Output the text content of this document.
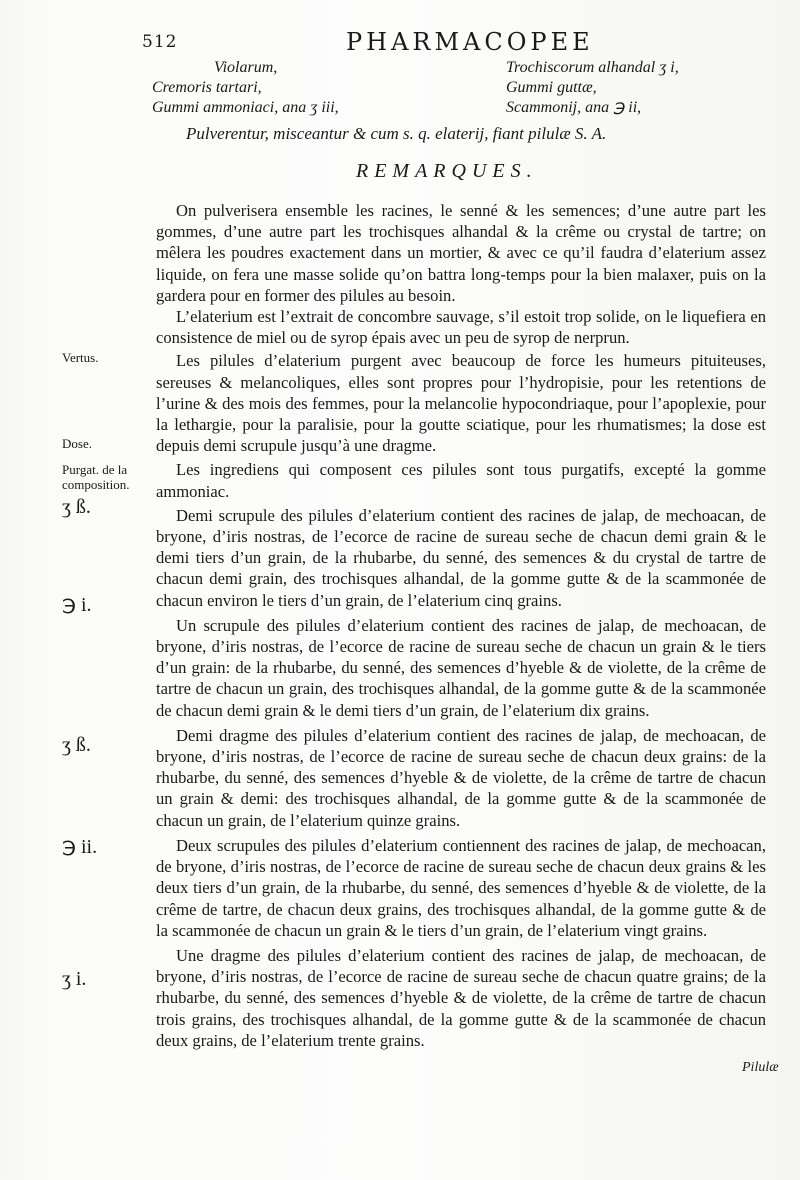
512	PHARMACOPEE
Violarum,
Cremoris tartari,
Gummi ammoniaci, ana ʒ iii,
Trochiscorum alhandal ʒ i,
Gummi guttæ,
Scammonij, ana ℈ ii,
Pulverentur, misceantur & cum s. q. elaterij, fiant pilulæ S. A.
REMARQUES.
Vertus.
Dose.
Purgat. de la composition.
ʒ ß.
℈ i.
ʒ ß.
℈ ii.
ʒ i.

On pulverisera ensemble les racines, le senné & les semences; d’une autre part les gommes, d’une autre part les trochisques alhandal & la crême ou crystal de tartre; on mêlera les poudres exactement dans un mortier, & avec ce qu’il faudra d’elaterium assez liquide, on fera une masse solide qu’on battra long-temps pour la bien malaxer, puis on la gardera pour en former des pilules au besoin.

L’elaterium est l’extrait de concombre sauvage, s’il estoit trop solide, on le liquefiera en consistence de miel ou de syrop épais avec un peu de syrop de nerprun.

Les pilules d’elaterium purgent avec beaucoup de force les humeurs pituiteuses, sereuses & melancoliques, elles sont propres pour l’hydropisie, pour les retentions de l’urine & des mois des femmes, pour la melancolie hypocondriaque, pour l’apoplexie, pour la lethargie, pour la paralisie, pour la goutte sciatique, pour les rhumatismes; la dose est depuis demi scrupule jusqu’à une dragme.

Les ingrediens qui composent ces pilules sont tous purgatifs, excepté la gomme ammoniac.

Demi scrupule des pilules d’elaterium contient des racines de jalap, de mechoacan, de bryone, d’iris nostras, de l’ecorce de racine de sureau seche de chacun demi grain & le demi tiers d’un grain, de la rhubarbe, du senné, des semences & du crystal de tartre de chacun demi grain, des trochisques alhandal, de la gomme gutte & de la scammonée de chacun environ le tiers d’un grain, de l’elaterium cinq grains.

Un scrupule des pilules d’elaterium contient des racines de jalap, de mechoacan, de bryone, d’iris nostras, de l’ecorce de racine de sureau seche de chacun un grain & le tiers d’un grain: de la rhubarbe, du senné, des semences d’hyeble & de violette, de la crême de tartre de chacun un grain, des trochisques alhandal, de la gomme gutte & de la scammonée de chacun demi grain & le demi tiers d’un grain, de l’elaterium dix grains.

Demi dragme des pilules d’elaterium contient des racines de jalap, de mechoacan, de bryone, d’iris nostras, de l’ecorce de racine de sureau seche de chacun deux grains: de la rhubarbe, du senné, des semences d’hyeble & de violette, de la crême de tartre de chacun un grain & demi: des trochisques alhandal, de la gomme gutte & de la scammonée de chacun un grain, de l’elaterium quinze grains.

Deux scrupules des pilules d’elaterium contiennent des racines de jalap, de mechoacan, de bryone, d’iris nostras, de l’ecorce de racine de sureau seche de chacun deux grains & les deux tiers d’un grain, de la rhubarbe, du senné, des semences d’hyeble & de violette, de la crême de tartre, de chacun deux grains, des trochisques alhandal, de la gomme gutte & de la scammonée de chacun un grain & le tiers d’un grain, de l’elaterium vingt grains.

Une dragme des pilules d’elaterium contient des racines de jalap, de mechoacan, de bryone, d’iris nostras, de l’ecorce de racine de sureau seche de chacun quatre grains; de la rhubarbe, du senné, des semences d’hyeble & de violette, de la crême de tartre de chacun trois grains, des trochisques alhandal, de la gomme gutte & de la scammonée de chacun deux grains, de l’elaterium trente grains.

Pilulæ
